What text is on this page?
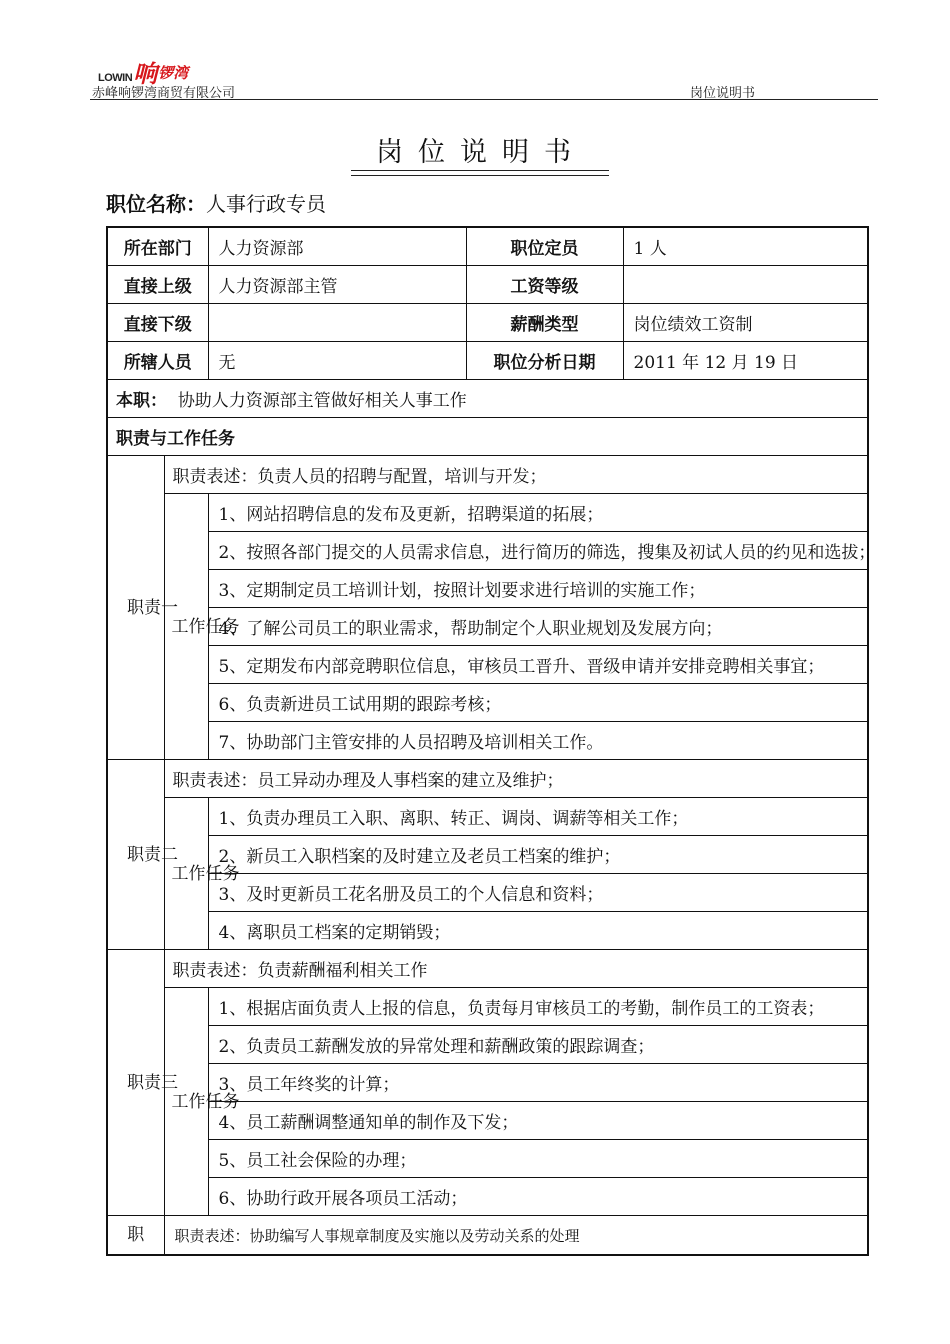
LOWIN 响 锣湾
赤峰响锣湾商贸有限公司	岗位说明书
岗位说明书
职位名称：人事行政专员
所在部门		人力资源部	职位定员	1 人
直接上级		人力资源部主管	工资等级	
直接下级			薪酬类型	岗位绩效工资制
所辖人员		无	职位分析日期	2011 年 12 月 19 日
本职： 协助人力资源部主管做好相关人事工作				
职责与工作任务				
职责一	职责表述：负责人员的招聘与配置，培训与开发；			
	工作任务	1、网站招聘信息的发布及更新，招聘渠道的拓展；		
		2、按照各部门提交的人员需求信息，进行简历的筛选，搜集及初试人员的约见和选拔；		
		3、定期制定员工培训计划，按照计划要求进行培训的实施工作；		
		4、了解公司员工的职业需求，帮助制定个人职业规划及发展方向；		
		5、定期发布内部竞聘职位信息，审核员工晋升、晋级申请并安排竞聘相关事宜；		
		6、负责新进员工试用期的跟踪考核；		
		7、协助部门主管安排的人员招聘及培训相关工作。		
职责二	职责表述：员工异动办理及人事档案的建立及维护；			
	工作任务	1、负责办理员工入职、离职、转正、调岗、调薪等相关工作；		
		2、新员工入职档案的及时建立及老员工档案的维护；		
		3、及时更新员工花名册及员工的个人信息和资料；		
		4、离职员工档案的定期销毁；		
职责三	职责表述：负责薪酬福利相关工作			
	工作任务	1、根据店面负责人上报的信息，负责每月审核员工的考勤，制作员工的工资表；		
		2、负责员工薪酬发放的异常处理和薪酬政策的跟踪调查；		
		3、员工年终奖的计算；		
		4、员工薪酬调整通知单的制作及下发；		
		5、员工社会保险的办理；		
		6、协助行政开展各项员工活动；		
职	职责表述：协助编写人事规章制度及实施以及劳动关系的处理			
